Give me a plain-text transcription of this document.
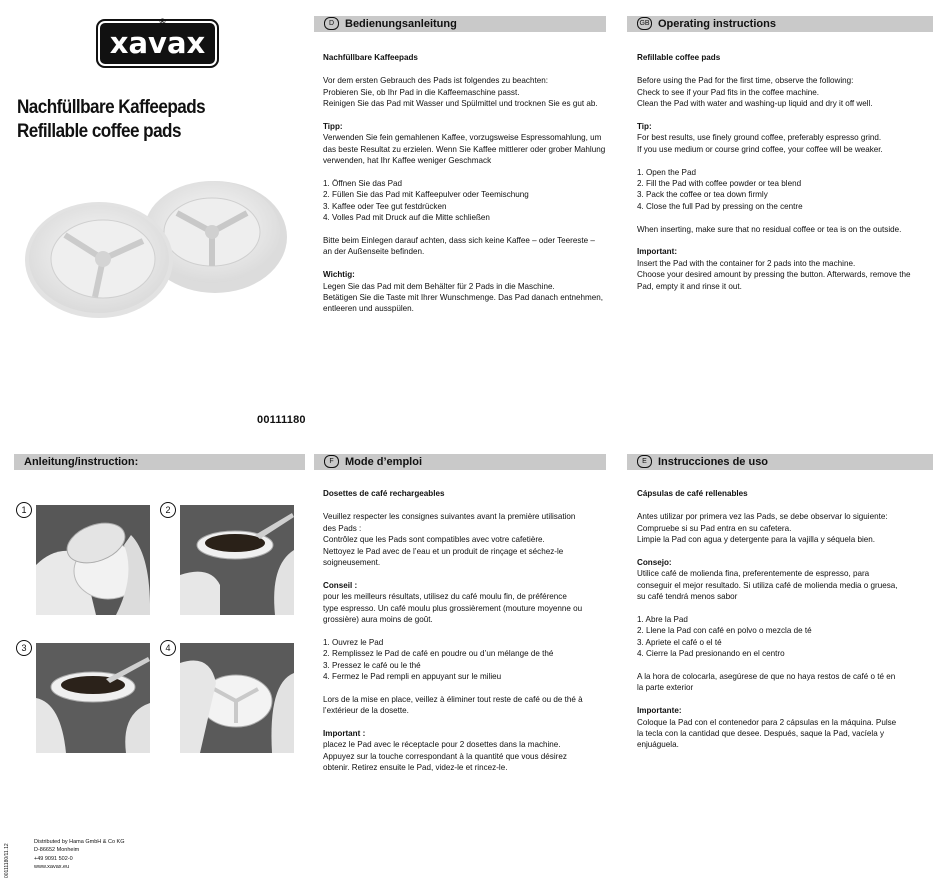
xavax
®
Nachfüllbare Kaffeepads
Refillable coffee pads
00111180
D Bedienungsanleitung	GB Operating instructions
Anleitung/instruction:	F Mode d’emploi	E Instrucciones de uso

Nachfüllbare Kaffeepads

Vor dem ersten Gebrauch des Pads ist folgendes zu beachten:

Probieren Sie, ob Ihr Pad in die Kaffeemaschine passt.

Reinigen Sie das Pad mit Wasser und Spülmittel und trocknen Sie es gut ab.

Tipp:

Verwenden Sie fein gemahlenen Kaffee, vorzugsweise Espressomahlung, um

das beste Resultat zu erzielen. Wenn Sie Kaffee mittlerer oder grober Mahlung

verwenden, hat Ihr Kaffee weniger Geschmack

1. Öffnen Sie das Pad

2. Füllen Sie das Pad mit Kaffeepulver oder Teemischung

3. Kaffee oder Tee gut festdrücken

4. Volles Pad mit Druck auf die Mitte schließen

Bitte beim Einlegen darauf achten, dass sich keine Kaffee – oder Teereste –

an der Außenseite befinden.

Wichtig:

Legen Sie das Pad mit dem Behälter für 2 Pads in die Maschine.

Betätigen Sie die Taste mit Ihrer Wunschmenge. Das Pad danach entnehmen,

entleeren und ausspülen.

Refillable coffee pads

Before using the Pad for the first time, observe the following:

Check to see if your Pad fits in the coffee machine.

Clean the Pad with water and washing-up liquid and dry it off well.

Tip:

For best results, use finely ground coffee, preferably espresso grind.

If you use medium or course grind coffee, your coffee will be weaker.

1. Open the Pad

2. Fill the Pad with coffee powder or tea blend

3. Pack the coffee or tea down firmly

4. Close the full Pad by pressing on the centre

When inserting, make sure that no residual coffee or tea is on the outside.

Important:

Insert the Pad with the container for 2 pads into the machine.

Choose your desired amount by pressing the button. Afterwards, remove the

Pad, empty it and rinse it out.

Dosettes de café rechargeables

Veuillez respecter les consignes suivantes avant la première utilisation

des Pads :

Contrôlez que les Pads sont compatibles avec votre cafetière.

Nettoyez le Pad avec de l’eau et un produit de rinçage et séchez-le

soigneusement.

Conseil :

pour les meilleurs résultats, utilisez du café moulu fin, de préférence

type espresso. Un café moulu plus grossièrement (mouture moyenne ou

grossière) aura moins de goût.

1. Ouvrez le Pad

2. Remplissez le Pad de café en poudre ou d’un mélange de thé

3. Pressez le café ou le thé

4. Fermez le Pad rempli en appuyant sur le milieu

Lors de la mise en place, veillez à éliminer tout reste de café ou de thé à

l’extérieur de la dosette.

Important :

placez le Pad avec le réceptacle pour 2 dosettes dans la machine.

Appuyez sur la touche correspondant à la quantité que vous désirez

obtenir. Retirez ensuite le Pad, videz-le et rincez-le.

Cápsulas de café rellenables

Antes utilizar por primera vez las Pads, se debe observar lo siguiente:

Compruebe si su Pad entra en su cafetera.

Limpie la Pad con agua y detergente para la vajilla y séquela bien.

Consejo:

Utilice café de molienda fina, preferentemente de espresso, para

conseguir el mejor resultado. Si utiliza café de molienda media o gruesa,

su café tendrá menos sabor

1. Abre la Pad

2. Llene la Pad con café en polvo o mezcla de té

3. Apriete el café o el té

4. Cierre la Pad presionando en el centro

A la hora de colocarla, asegúrese de que no haya restos de café o té en

la parte exterior

Importante:

Coloque la Pad con el contenedor para 2 cápsulas en la máquina. Pulse

la tecla con la cantidad que desee. Después, saque la Pad, vacíela y

enjuáguela.

1	2
3	4
Distributed by Hama GmbH & Co KG
D-86652 Monheim
+49 9091 502-0
www.xavax.eu
00111180/11.12
